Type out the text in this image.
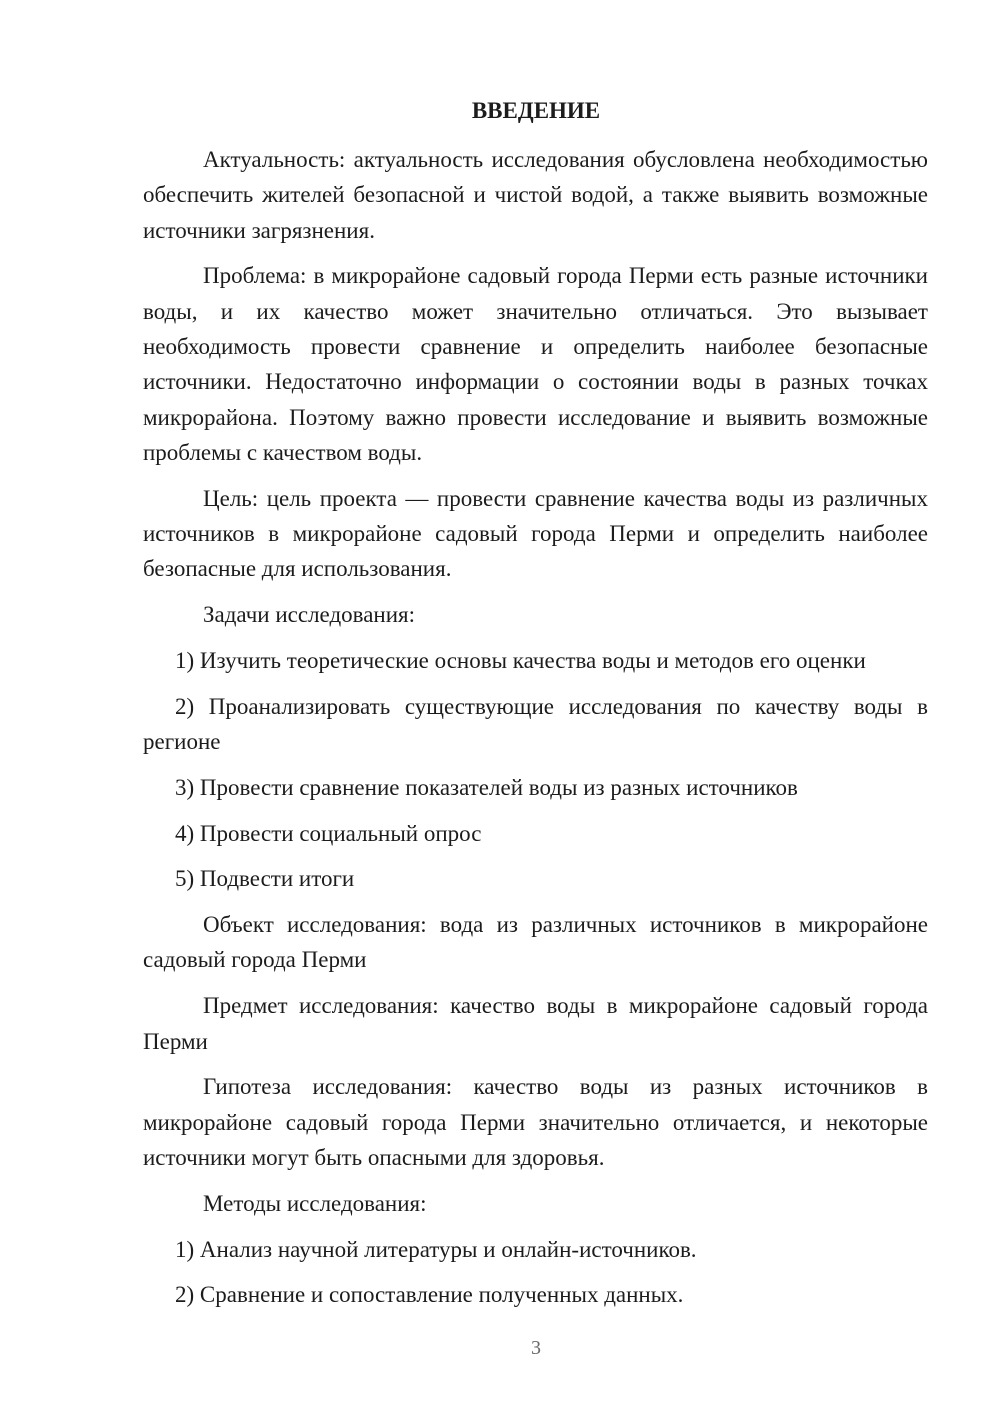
ВВЕДЕНИЕ

Актуальность: актуальность исследования обусловлена необходимостью обеспечить жителей безопасной и чистой водой, а также выявить возможные источники загрязнения.

Проблема: в микрорайоне садовый города Перми есть разные источники воды, и их качество может значительно отличаться. Это вызывает необходимость провести сравнение и определить наиболее безопасные источники. Недостаточно информации о состоянии воды в разных точках микрорайона. Поэтому важно провести исследование и выявить возможные проблемы с качеством воды.

Цель: цель проекта — провести сравнение качества воды из различных источников в микрорайоне садовый города Перми и определить наиболее безопасные для использования.

Задачи исследования:

1) Изучить теоретические основы качества воды и методов его оценки

2) Проанализировать существующие исследования по качеству воды в регионе

3) Провести сравнение показателей воды из разных источников

4) Провести социальный опрос

5) Подвести итоги

Объект исследования: вода из различных источников в микрорайоне садовый города Перми

Предмет исследования: качество воды в микрорайоне садовый города Перми

Гипотеза исследования: качество воды из разных источников в микрорайоне садовый города Перми значительно отличается, и некоторые источники могут быть опасными для здоровья.

Методы исследования:

1) Анализ научной литературы и онлайн-источников.

2) Сравнение и сопоставление полученных данных.

3
